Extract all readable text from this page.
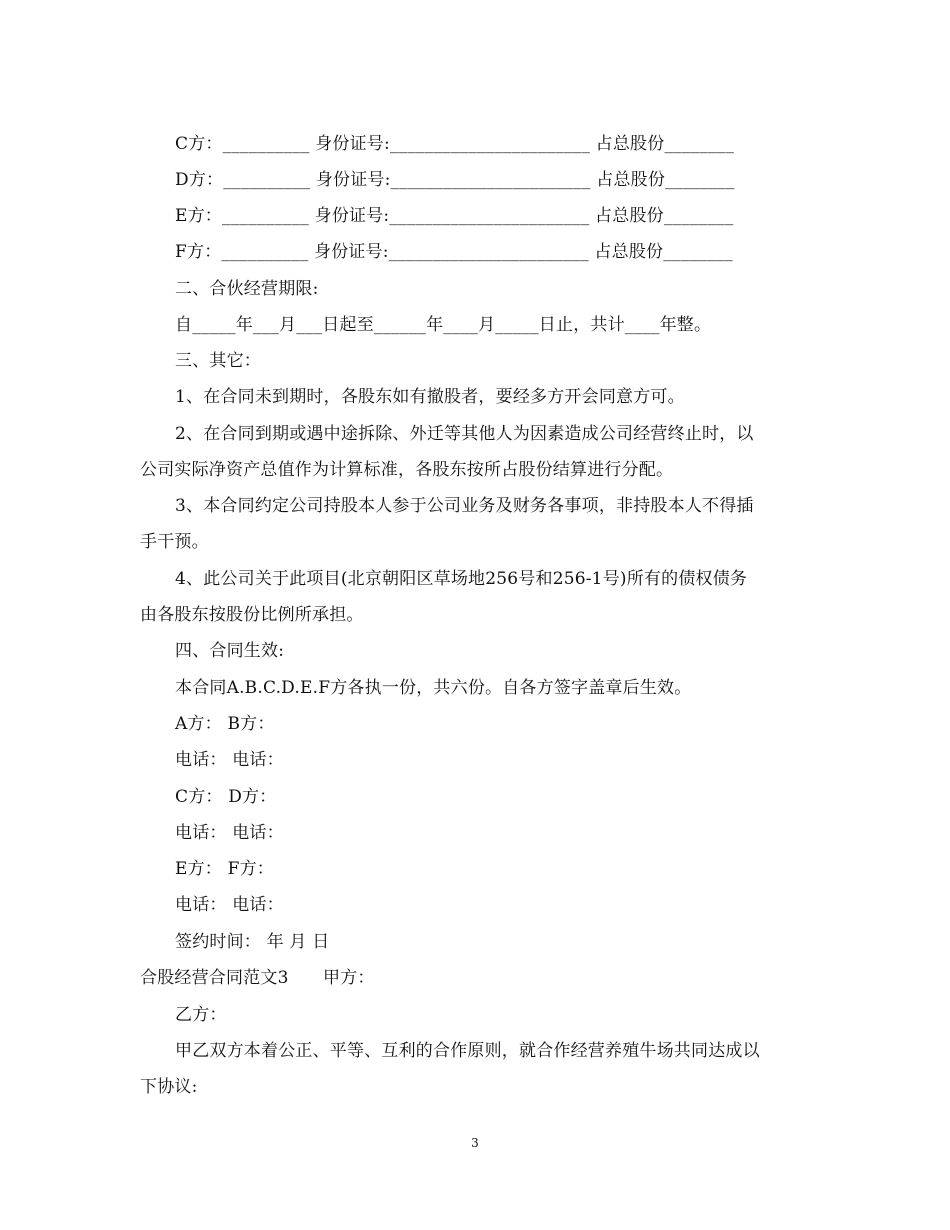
C方：__________ 身份证号:_______________________ 占总股份________
D方：__________ 身份证号:_______________________ 占总股份________
E方：__________ 身份证号:_______________________ 占总股份________
F方：__________ 身份证号:_______________________ 占总股份________
二、合伙经营期限:
自_____年___月___日起至______年____月_____日止，共计____年整。
三、其它：
1、在合同未到期时，各股东如有撤股者，要经多方开会同意方可。
2、在合同到期或遇中途拆除、外迁等其他人为因素造成公司经营终止时，以
公司实际净资产总值作为计算标准，各股东按所占股份结算进行分配。
3、本合同约定公司持股本人参于公司业务及财务各事项，非持股本人不得插
手干预。
4、此公司关于此项目(北京朝阳区草场地256号和256-1号)所有的债权债务
由各股东按股份比例所承担。
四、合同生效:
本合同A.B.C.D.E.F方各执一份，共六份。自各方签字盖章后生效。
A方： B方：
电话： 电话：
C方： D方：
电话： 电话：
E方： F方：
电话： 电话：
签约时间： 年 月 日
合股经营合同范文3　　甲方：
乙方：
甲乙双方本着公正、平等、互利的合作原则，就合作经营养殖牛场共同达成以
下协议:
3
